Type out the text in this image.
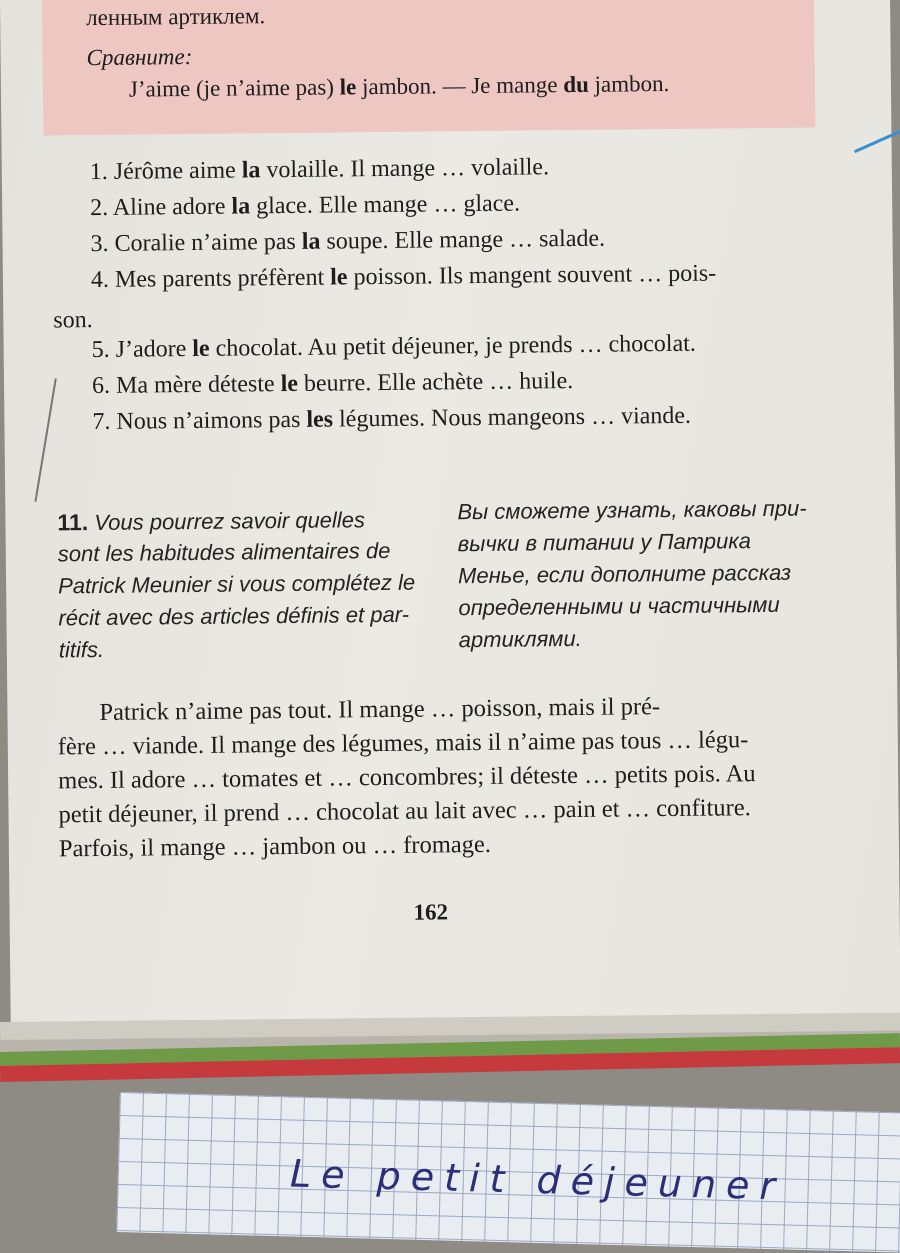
ленным артиклем.
Сравните:
J’aime (je n’aime pas) le jambon. — Je mange du jambon.
1. Jérôme aime la volaille. Il mange … volaille.
2. Aline adore la glace. Elle mange … glace.
3. Coralie n’aime pas la soupe. Elle mange … salade.
4. Mes parents préfèrent le poisson. Ils mangent souvent … pois-
son.
5. J’adore le chocolat. Au petit déjeuner, je prends … chocolat.
6. Ma mère déteste le beurre. Elle achète … huile.
7. Nous n’aimons pas les légumes. Nous mangeons … viande.
11. Vous pourrez savoir quelles
sont les habitudes alimentaires de
Patrick Meunier si vous complétez le
récit avec des articles définis et par-
titifs.
Вы сможете узнать, каковы при-
вычки в питании у Патрика
Менье, если дополните рассказ
определенными и частичными
артиклями.
Patrick n’aime pas tout. Il mange … poisson, mais il pré-
fère … viande. Il mange des légumes, mais il n’aime pas tous … légu-
mes. Il adore … tomates et … concombres; il déteste … petits pois. Au
petit déjeuner, il prend … chocolat au lait avec … pain et … confiture.
Parfois, il mange … jambon ou … fromage.
162
Le petit déjeuner
